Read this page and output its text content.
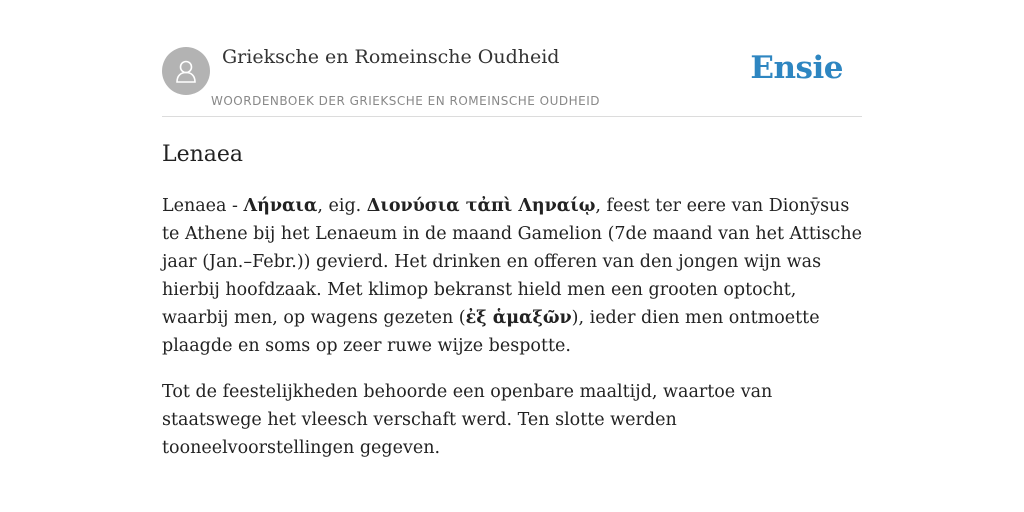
Grieksche en Romeinsche Oudheid
WOORDENBOEK DER GRIEKSCHE EN ROMEINSCHE OUDHEID
Ensie
Lenaea

Lenaea - Λήναια, eig. Διονύσια τἀπὶ Ληναίῳ, feest ter eere van Dionȳsus te Athene bij het Lenaeum in de maand Gamelion (7de maand van het Attische jaar (Jan.–Febr.)) gevierd. Het drinken en offeren van den jongen wijn was hierbij hoofdzaak. Met klimop bekranst hield men een grooten optocht, waarbij men, op wagens gezeten (ἐξ ἁμαξῶν), ieder dien men ontmoette plaagde en soms op zeer ruwe wijze bespotte.

Tot de feestelijkheden behoorde een openbare maaltijd, waartoe van staatswege het vleesch verschaft werd. Ten slotte werden tooneelvoorstellingen gegeven.
